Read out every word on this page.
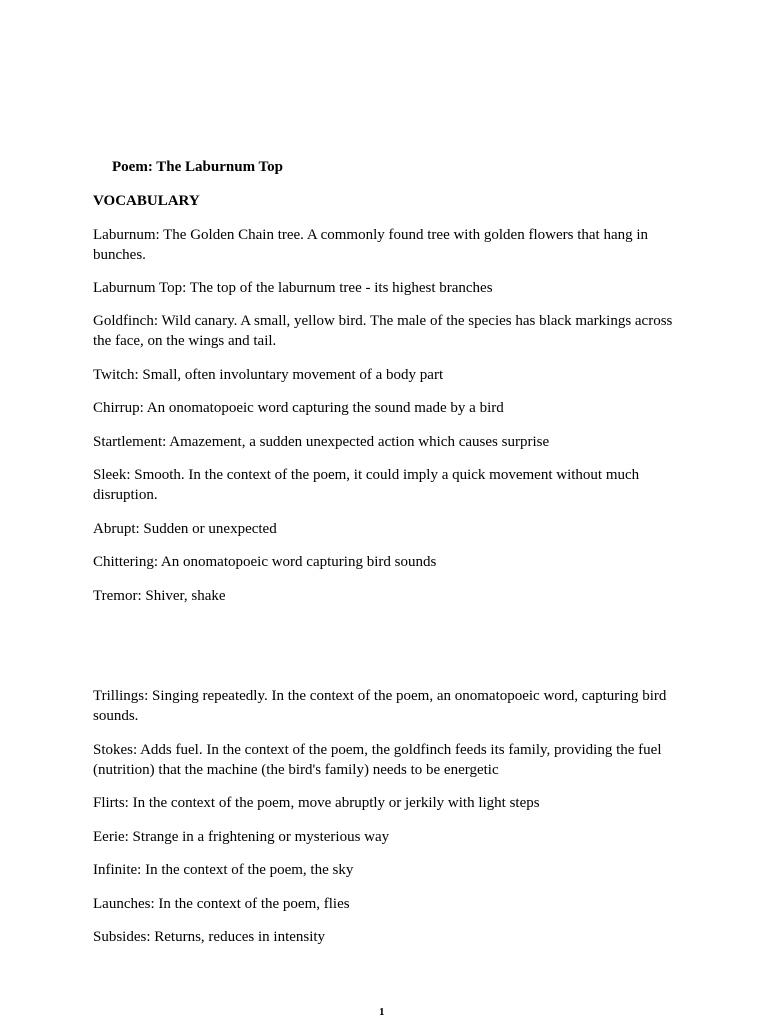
Poem: The Laburnum Top
VOCABULARY
Laburnum: The Golden Chain tree. A commonly found tree with golden flowers that hang in bunches.
Laburnum Top: The top of the laburnum tree - its highest branches
Goldfinch: Wild canary. A small, yellow bird. The male of the species has black markings across the face, on the wings and tail.
Twitch: Small, often involuntary movement of a body part
Chirrup: An onomatopoeic word capturing the sound made by a bird
Startlement: Amazement, a sudden unexpected action which causes surprise
Sleek: Smooth. In the context of the poem, it could imply a quick movement without much disruption.
Abrupt: Sudden or unexpected
Chittering: An onomatopoeic word capturing bird sounds
Tremor: Shiver, shake
Trillings: Singing repeatedly. In the context of the poem, an onomatopoeic word, capturing bird sounds.
Stokes: Adds fuel. In the context of the poem, the goldfinch feeds its family, providing the fuel (nutrition) that the machine (the bird's family) needs to be energetic
Flirts: In the context of the poem, move abruptly or jerkily with light steps
Eerie: Strange in a frightening or mysterious way
Infinite: In the context of the poem, the sky
Launches: In the context of the poem, flies
Subsides: Returns, reduces in intensity
1
